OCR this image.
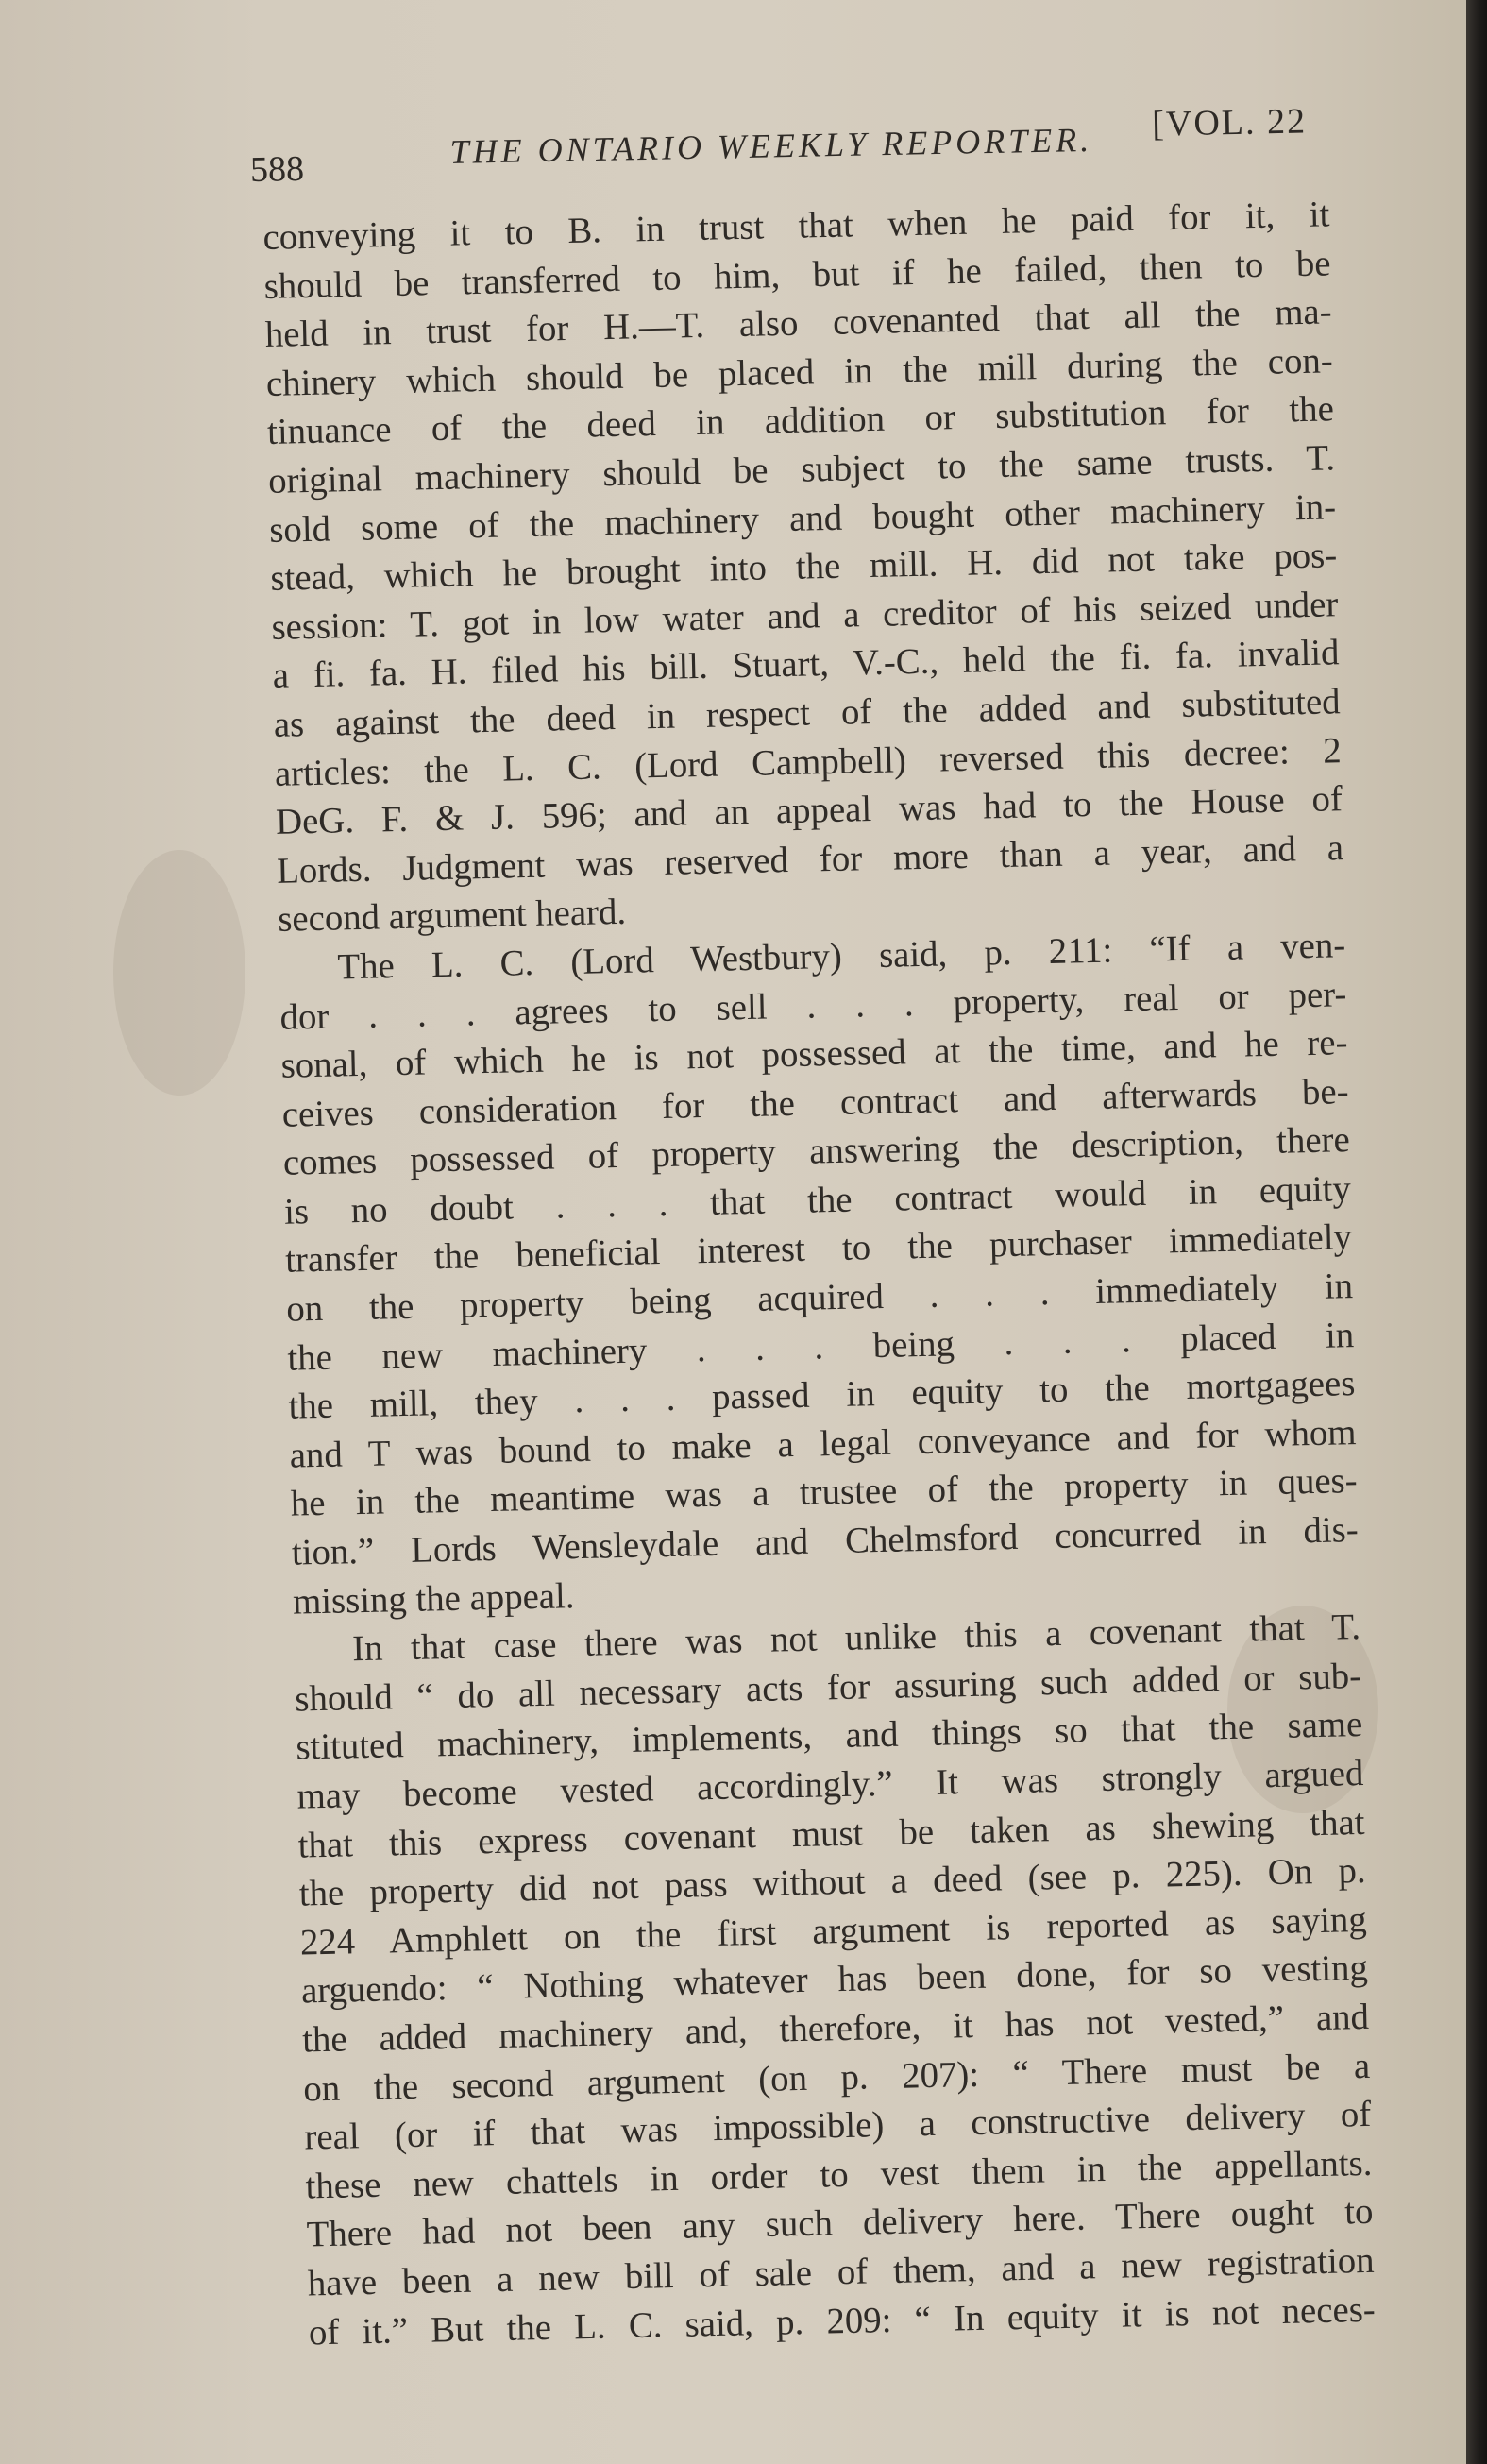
588	THE ONTARIO WEEKLY REPORTER. [VOL. 22
conveying it to B. in trust that when he paid for it, it
should be transferred to him, but if he failed, then to be
held in trust for H.—T. also covenanted that all the ma-
chinery which should be placed in the mill during the con-
tinuance of the deed in addition or substitution for the
original machinery should be subject to the same trusts. T.
sold some of the machinery and bought other machinery in-
stead, which he brought into the mill. H. did not take pos-
session: T. got in low water and a creditor of his seized under
a fi. fa. H. filed his bill. Stuart, V.-C., held the fi. fa. invalid
as against the deed in respect of the added and substituted
articles: the L. C. (Lord Campbell) reversed this decree: 2
DeG. F. & J. 596; and an appeal was had to the House of
Lords. Judgment was reserved for more than a year, and a
second argument heard.
The L. C. (Lord Westbury) said, p. 211: “If a ven-
dor . . . agrees to sell . . . property, real or per-
sonal, of which he is not possessed at the time, and he re-
ceives consideration for the contract and afterwards be-
comes possessed of property answering the description, there
is no doubt . . . that the contract would in equity
transfer the beneficial interest to the purchaser immediately
on the property being acquired . . . immediately in
the new machinery . . . being . . . placed in
the mill, they . . . passed in equity to the mortgagees
and T was bound to make a legal conveyance and for whom
he in the meantime was a trustee of the property in ques-
tion.” Lords Wensleydale and Chelmsford concurred in dis-
missing the appeal.
In that case there was not unlike this a covenant that T.
should “ do all necessary acts for assuring such added or sub-
stituted machinery, implements, and things so that the same
may become vested accordingly.” It was strongly argued
that this express covenant must be taken as shewing that
the property did not pass without a deed (see p. 225). On p.
224 Amphlett on the first argument is reported as saying
arguendo: “ Nothing whatever has been done, for so vesting
the added machinery and, therefore, it has not vested,” and
on the second argument (on p. 207): “ There must be a
real (or if that was impossible) a constructive delivery of
these new chattels in order to vest them in the appellants.
There had not been any such delivery here. There ought to
have been a new bill of sale of them, and a new registration
of it.” But the L. C. said, p. 209: “ In equity it is not neces-
